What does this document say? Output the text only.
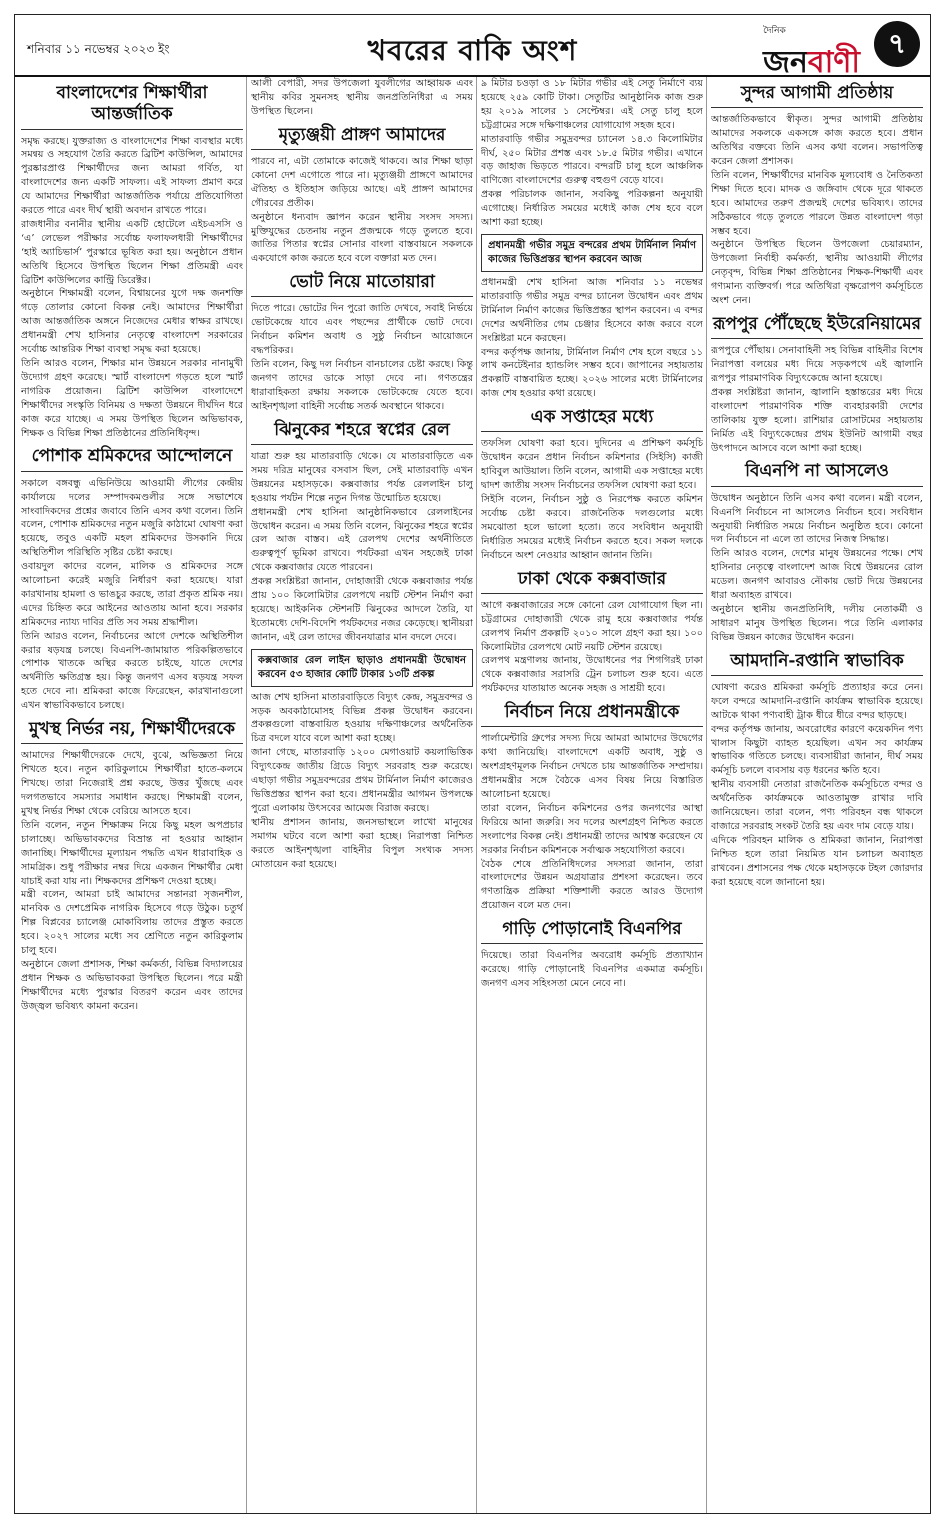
শনিবার ১১ নভেম্বর ২০২৩ ইং	খবরের বাকি অংশ
দৈনিক
জনবাণী
৭
বাংলাদেশের শিক্ষার্থীরা আন্তর্জাতিক

সমৃদ্ধ করছে। যুক্তরাজ্য ও বাংলাদেশের শিক্ষা ব্যবস্থার মধ্যে সমন্বয় ও সহযোগ তৈরি করতে ব্রিটিশ কাউন্সিল, আমাদের পুরষ্কারপ্রাপ্ত শিক্ষার্থীদের জন্য আমরা গর্বিত, যা বাংলাদেশের জন্য একটি সাফল্য। এই সাফল্য প্রমাণ করে যে আমাদের শিক্ষার্থীরা আন্তর্জাতিক পর্যায়ে প্রতিযোগিতা করতে পারে এবং দীর্ঘ স্থায়ী অবদান রাখতে পারে।

রাজধানীর বনানীর স্থানীয় একটি হোটেলে এইচএসসি ও ‘এ’ লেভেল পরীক্ষার সর্বোচ্চ ফলাফলধারী শিক্ষার্থীদের ‘হাই অ্যাচিভার্স’ পুরস্কারে ভূষিত করা হয়। অনুষ্ঠানে প্রধান অতিথি হিসেবে উপস্থিত ছিলেন শিক্ষা প্রতিমন্ত্রী এবং ব্রিটিশ কাউন্সিলের কান্ট্রি ডিরেক্টর।

অনুষ্ঠানে শিক্ষামন্ত্রী বলেন, বিশ্বায়নের যুগে দক্ষ জনশক্তি গড়ে তোলার কোনো বিকল্প নেই। আমাদের শিক্ষার্থীরা আজ আন্তর্জাতিক অঙ্গনে নিজেদের মেধার স্বাক্ষর রাখছে। প্রধানমন্ত্রী শেখ হাসিনার নেতৃত্বে বাংলাদেশ সরকারের সর্বোচ্চ আন্তরিক শিক্ষা ব্যবস্থা সমৃদ্ধ করা হয়েছে।

তিনি আরও বলেন, শিক্ষার মান উন্নয়নে সরকার নানামুখী উদ্যোগ গ্রহণ করেছে। স্মার্ট বাংলাদেশ গড়তে হলে স্মার্ট নাগরিক প্রয়োজন। ব্রিটিশ কাউন্সিল বাংলাদেশে শিক্ষার্থীদের সংস্কৃতি বিনিময় ও দক্ষতা উন্নয়নে দীর্ঘদিন ধরে কাজ করে যাচ্ছে। এ সময় উপস্থিত ছিলেন অভিভাবক, শিক্ষক ও বিভিন্ন শিক্ষা প্রতিষ্ঠানের প্রতিনিধিবৃন্দ।

পোশাক শ্রমিকদের আন্দোলনে

সকালে বঙ্গবন্ধু এভিনিউয়ে আওয়ামী লীগের কেন্দ্রীয় কার্যালয়ে দলের সম্পাদকমণ্ডলীর সঙ্গে সভাশেষে সাংবাদিকদের প্রশ্নের জবাবে তিনি এসব কথা বলেন। তিনি বলেন, পোশাক শ্রমিকদের নতুন মজুরি কাঠামো ঘোষণা করা হয়েছে, তবুও একটি মহল শ্রমিকদের উসকানি দিয়ে অস্থিতিশীল পরিস্থিতি সৃষ্টির চেষ্টা করছে।

ওবায়দুল কাদের বলেন, মালিক ও শ্রমিকদের সঙ্গে আলোচনা করেই মজুরি নির্ধারণ করা হয়েছে। যারা কারখানায় হামলা ও ভাঙচুর করছে, তারা প্রকৃত শ্রমিক নয়। এদের চিহ্নিত করে আইনের আওতায় আনা হবে। সরকার শ্রমিকদের ন্যায্য দাবির প্রতি সব সময় শ্রদ্ধাশীল।

তিনি আরও বলেন, নির্বাচনের আগে দেশকে অস্থিতিশীল করার ষড়যন্ত্র চলছে। বিএনপি-জামায়াত পরিকল্পিতভাবে পোশাক খাতকে অস্থির করতে চাইছে, যাতে দেশের অর্থনীতি ক্ষতিগ্রস্ত হয়। কিন্তু জনগণ এসব ষড়যন্ত্র সফল হতে দেবে না। শ্রমিকরা কাজে ফিরেছেন, কারখানাগুলো এখন স্বাভাবিকভাবে চলছে।

মুখস্থ নির্ভর নয়, শিক্ষার্থীদেরকে

আমাদের শিক্ষার্থীদেরকে দেখে, বুঝে, অভিজ্ঞতা নিয়ে শিখতে হবে। নতুন কারিকুলামে শিক্ষার্থীরা হাতে-কলমে শিখছে। তারা নিজেরাই প্রশ্ন করছে, উত্তর খুঁজছে এবং দলগতভাবে সমস্যার সমাধান করছে। শিক্ষামন্ত্রী বলেন, মুখস্থ নির্ভর শিক্ষা থেকে বেরিয়ে আসতে হবে।

তিনি বলেন, নতুন শিক্ষাক্রম নিয়ে কিছু মহল অপপ্রচার চালাচ্ছে। অভিভাবকদের বিভ্রান্ত না হওয়ার আহ্বান জানাচ্ছি। শিক্ষার্থীদের মূল্যায়ন পদ্ধতি এখন ধারাবাহিক ও সামগ্রিক। শুধু পরীক্ষার নম্বর দিয়ে একজন শিক্ষার্থীর মেধা যাচাই করা যায় না। শিক্ষকদের প্রশিক্ষণ দেওয়া হচ্ছে।

মন্ত্রী বলেন, আমরা চাই আমাদের সন্তানরা সৃজনশীল, মানবিক ও দেশপ্রেমিক নাগরিক হিসেবে গড়ে উঠুক। চতুর্থ শিল্প বিপ্লবের চ্যালেঞ্জ মোকাবিলায় তাদের প্রস্তুত করতে হবে। ২০২৭ সালের মধ্যে সব শ্রেণিতে নতুন কারিকুলাম চালু হবে।

অনুষ্ঠানে জেলা প্রশাসক, শিক্ষা কর্মকর্তা, বিভিন্ন বিদ্যালয়ের প্রধান শিক্ষক ও অভিভাবকরা উপস্থিত ছিলেন। পরে মন্ত্রী শিক্ষার্থীদের মধ্যে পুরস্কার বিতরণ করেন এবং তাদের উজ্জ্বল ভবিষ্যৎ কামনা করেন।

আলী বেপারী, সদর উপজেলা যুবলীগের আহ্বায়ক এবং স্থানীয় কবির সুমনসহ স্থানীয় জনপ্রতিনিধিরা এ সময় উপস্থিত ছিলেন।

মৃত্যুঞ্জয়ী প্রাঙ্গণ আমাদের

পারবে না, এটা তোমাকে কাজেই থাকবে। আর শিক্ষা ছাড়া কোনো দেশ এগোতে পারে না। মৃত্যুঞ্জয়ী প্রাঙ্গণে আমাদের ঐতিহ্য ও ইতিহাস জড়িয়ে আছে। এই প্রাঙ্গণ আমাদের গৌরবের প্রতীক।

অনুষ্ঠানে ধন্যবাদ জ্ঞাপন করেন স্থানীয় সংসদ সদস্য। মুক্তিযুদ্ধের চেতনায় নতুন প্রজন্মকে গড়ে তুলতে হবে। জাতির পিতার স্বপ্নের সোনার বাংলা বাস্তবায়নে সকলকে একযোগে কাজ করতে হবে বলে বক্তারা মত দেন।

ভোট নিয়ে মাতোয়ারা

দিতে পারে। ভোটের দিন পুরো জাতি দেখবে, সবাই নির্ভয়ে ভোটকেন্দ্রে যাবে এবং পছন্দের প্রার্থীকে ভোট দেবে। নির্বাচন কমিশন অবাধ ও সুষ্ঠু নির্বাচন আয়োজনে বদ্ধপরিকর।

তিনি বলেন, কিছু দল নির্বাচন বানচালের চেষ্টা করছে। কিন্তু জনগণ তাদের ডাকে সাড়া দেবে না। গণতন্ত্রের ধারাবাহিকতা রক্ষায় সকলকে ভোটকেন্দ্রে যেতে হবে। আইনশৃঙ্খলা বাহিনী সর্বোচ্চ সতর্ক অবস্থানে থাকবে।

ঝিনুকের শহরে স্বপ্নের রেল

যাত্রা শুরু হয় মাতারবাড়ি থেকে। যে মাতারবাড়িতে এক সময় দরিদ্র মানুষের বসবাস ছিল, সেই মাতারবাড়ি এখন উন্নয়নের মহাসড়কে। কক্সবাজার পর্যন্ত রেললাইন চালু হওয়ায় পর্যটন শিল্পে নতুন দিগন্ত উন্মোচিত হয়েছে।

প্রধানমন্ত্রী শেখ হাসিনা আনুষ্ঠানিকভাবে রেললাইনের উদ্বোধন করেন। এ সময় তিনি বলেন, ঝিনুকের শহরে স্বপ্নের রেল আজ বাস্তব। এই রেলপথ দেশের অর্থনীতিতে গুরুত্বপূর্ণ ভূমিকা রাখবে। পর্যটকরা এখন সহজেই ঢাকা থেকে কক্সবাজার যেতে পারবেন।

প্রকল্প সংশ্লিষ্টরা জানান, দোহাজারী থেকে কক্সবাজার পর্যন্ত প্রায় ১০০ কিলোমিটার রেলপথে নয়টি স্টেশন নির্মাণ করা হয়েছে। আইকনিক স্টেশনটি ঝিনুকের আদলে তৈরি, যা ইতোমধ্যে দেশি-বিদেশি পর্যটকদের নজর কেড়েছে। স্থানীয়রা জানান, এই রেল তাদের জীবনযাত্রার মান বদলে দেবে।

কক্সবাজার রেল লাইন ছাড়াও প্রধানমন্ত্রী উদ্বোধন করবেন ৫৩ হাজার কোটি টাকার ১৩টি প্রকল্প

আজ শেখ হাসিনা মাতারবাড়িতে বিদ্যুৎ কেন্দ্র, সমুদ্রবন্দর ও সড়ক অবকাঠামোসহ বিভিন্ন প্রকল্প উদ্বোধন করবেন। প্রকল্পগুলো বাস্তবায়িত হওয়ায় দক্ষিণাঞ্চলের অর্থনৈতিক চিত্র বদলে যাবে বলে আশা করা হচ্ছে।

জানা গেছে, মাতারবাড়ি ১২০০ মেগাওয়াট কয়লাভিত্তিক বিদ্যুৎকেন্দ্র জাতীয় গ্রিডে বিদ্যুৎ সরবরাহ শুরু করেছে। এছাড়া গভীর সমুদ্রবন্দরের প্রথম টার্মিনাল নির্মাণ কাজেরও ভিত্তিপ্রস্তর স্থাপন করা হবে। প্রধানমন্ত্রীর আগমন উপলক্ষে পুরো এলাকায় উৎসবের আমেজ বিরাজ করছে।

স্থানীয় প্রশাসন জানায়, জনসভাস্থলে লাখো মানুষের সমাগম ঘটবে বলে আশা করা হচ্ছে। নিরাপত্তা নিশ্চিত করতে আইনশৃঙ্খলা বাহিনীর বিপুল সংখ্যক সদস্য মোতায়েন করা হয়েছে।

৯ মিটার চওড়া ও ১৮ মিটার গভীর এই সেতু নির্মাণে ব্যয় হয়েছে ২৫৯ কোটি টাকা। সেতুটির আনুষ্ঠানিক কাজ শুরু হয় ২০১৯ সালের ১ সেপ্টেম্বর। এই সেতু চালু হলে চট্টগ্রামের সঙ্গে দক্ষিণাঞ্চলের যোগাযোগ সহজ হবে।

মাতারবাড়ি গভীর সমুদ্রবন্দর চ্যানেল ১৪.৩ কিলোমিটার দীর্ঘ, ২৫০ মিটার প্রশস্ত এবং ১৮.৫ মিটার গভীর। এখানে বড় জাহাজ ভিড়তে পারবে। বন্দরটি চালু হলে আঞ্চলিক বাণিজ্যে বাংলাদেশের গুরুত্ব বহুগুণ বেড়ে যাবে।

প্রকল্প পরিচালক জানান, সবকিছু পরিকল্পনা অনুযায়ী এগোচ্ছে। নির্ধারিত সময়ের মধ্যেই কাজ শেষ হবে বলে আশা করা হচ্ছে।

প্রধানমন্ত্রী গভীর সমুদ্র বন্দরের প্রথম টার্মিনাল নির্মাণ কাজের ভিত্তিপ্রস্তর স্থাপন করবেন আজ

প্রধানমন্ত্রী শেখ হাসিনা আজ শনিবার ১১ নভেম্বর মাতারবাড়ি গভীর সমুদ্র বন্দর চ্যানেল উদ্বোধন এবং প্রথম টার্মিনাল নির্মাণ কাজের ভিত্তিপ্রস্তর স্থাপন করবেন। এ বন্দর দেশের অর্থনীতির গেম চেঞ্জার হিসেবে কাজ করবে বলে সংশ্লিষ্টরা মনে করছেন।

বন্দর কর্তৃপক্ষ জানায়, টার্মিনাল নির্মাণ শেষ হলে বছরে ১১ লাখ কনটেইনার হ্যান্ডলিং সম্ভব হবে। জাপানের সহায়তায় প্রকল্পটি বাস্তবায়িত হচ্ছে। ২০২৬ সালের মধ্যে টার্মিনালের কাজ শেষ হওয়ার কথা রয়েছে।

এক সপ্তাহের মধ্যে

তফসিল ঘোষণা করা হবে। দুদিনের এ প্রশিক্ষণ কর্মসূচি উদ্বোধন করেন প্রধান নির্বাচন কমিশনার (সিইসি) কাজী হাবিবুল আউয়াল। তিনি বলেন, আগামী এক সপ্তাহের মধ্যে দ্বাদশ জাতীয় সংসদ নির্বাচনের তফসিল ঘোষণা করা হবে।

সিইসি বলেন, নির্বাচন সুষ্ঠু ও নিরপেক্ষ করতে কমিশন সর্বোচ্চ চেষ্টা করবে। রাজনৈতিক দলগুলোর মধ্যে সমঝোতা হলে ভালো হতো। তবে সংবিধান অনুযায়ী নির্ধারিত সময়ের মধ্যেই নির্বাচন করতে হবে। সকল দলকে নির্বাচনে অংশ নেওয়ার আহ্বান জানান তিনি।

ঢাকা থেকে কক্সবাজার

আগে কক্সবাজারের সঙ্গে কোনো রেল যোগাযোগ ছিল না। চট্টগ্রামের দোহাজারী থেকে রামু হয়ে কক্সবাজার পর্যন্ত রেলপথ নির্মাণ প্রকল্পটি ২০১০ সালে গ্রহণ করা হয়। ১০০ কিলোমিটার রেলপথে মোট নয়টি স্টেশন রয়েছে।

রেলপথ মন্ত্রণালয় জানায়, উদ্বোধনের পর শিগগিরই ঢাকা থেকে কক্সবাজার সরাসরি ট্রেন চলাচল শুরু হবে। এতে পর্যটকদের যাতায়াত অনেক সহজ ও সাশ্রয়ী হবে।

নির্বাচন নিয়ে প্রধানমন্ত্রীকে

পার্লামেন্টারি গ্রুপের সদস্য দিয়ে আমরা আমাদের উদ্বেগের কথা জানিয়েছি। বাংলাদেশে একটি অবাধ, সুষ্ঠু ও অংশগ্রহণমূলক নির্বাচন দেখতে চায় আন্তর্জাতিক সম্প্রদায়। প্রধানমন্ত্রীর সঙ্গে বৈঠকে এসব বিষয় নিয়ে বিস্তারিত আলোচনা হয়েছে।

তারা বলেন, নির্বাচন কমিশনের ওপর জনগণের আস্থা ফিরিয়ে আনা জরুরি। সব দলের অংশগ্রহণ নিশ্চিত করতে সংলাপের বিকল্প নেই। প্রধানমন্ত্রী তাদের আশ্বস্ত করেছেন যে সরকার নির্বাচন কমিশনকে সর্বাত্মক সহযোগিতা করবে।

বৈঠক শেষে প্রতিনিধিদলের সদস্যরা জানান, তারা বাংলাদেশের উন্নয়ন অগ্রযাত্রার প্রশংসা করেছেন। তবে গণতান্ত্রিক প্রক্রিয়া শক্তিশালী করতে আরও উদ্যোগ প্রয়োজন বলে মত দেন।

গাড়ি পোড়ানোই বিএনপির

দিয়েছে। তারা বিএনপির অবরোধ কর্মসূচি প্রত্যাখ্যান করেছে। গাড়ি পোড়ানোই বিএনপির একমাত্র কর্মসূচি। জনগণ এসব সহিংসতা মেনে নেবে না।

সুন্দর আগামী প্রতিষ্ঠায়

আন্তর্জাতিকভাবে স্বীকৃত। সুন্দর আগামী প্রতিষ্ঠায় আমাদের সকলকে একসঙ্গে কাজ করতে হবে। প্রধান অতিথির বক্তব্যে তিনি এসব কথা বলেন। সভাপতিত্ব করেন জেলা প্রশাসক।

তিনি বলেন, শিক্ষার্থীদের মানবিক মূল্যবোধ ও নৈতিকতা শিক্ষা দিতে হবে। মাদক ও জঙ্গিবাদ থেকে দূরে থাকতে হবে। আমাদের তরুণ প্রজন্মই দেশের ভবিষ্যৎ। তাদের সঠিকভাবে গড়ে তুলতে পারলে উন্নত বাংলাদেশ গড়া সম্ভব হবে।

অনুষ্ঠানে উপস্থিত ছিলেন উপজেলা চেয়ারম্যান, উপজেলা নির্বাহী কর্মকর্তা, স্থানীয় আওয়ামী লীগের নেতৃবৃন্দ, বিভিন্ন শিক্ষা প্রতিষ্ঠানের শিক্ষক-শিক্ষার্থী এবং গণ্যমান্য ব্যক্তিবর্গ। পরে অতিথিরা বৃক্ষরোপণ কর্মসূচিতে অংশ নেন।

রূপপুর পৌঁছেছে ইউরেনিয়ামের

রূপপুরে পৌঁছায়। সেনাবাহিনী সহ বিভিন্ন বাহিনীর বিশেষ নিরাপত্তা বলয়ের মধ্য দিয়ে সড়কপথে এই জ্বালানি রূপপুর পারমাণবিক বিদ্যুৎকেন্দ্রে আনা হয়েছে।

প্রকল্প সংশ্লিষ্টরা জানান, জ্বালানি হস্তান্তরের মধ্য দিয়ে বাংলাদেশ পারমাণবিক শক্তি ব্যবহারকারী দেশের তালিকায় যুক্ত হলো। রাশিয়ার রোসাটমের সহায়তায় নির্মিত এই বিদ্যুৎকেন্দ্রের প্রথম ইউনিট আগামী বছর উৎপাদনে আসবে বলে আশা করা হচ্ছে।

বিএনপি না আসলেও

উদ্বোধন অনুষ্ঠানে তিনি এসব কথা বলেন। মন্ত্রী বলেন, বিএনপি নির্বাচনে না আসলেও নির্বাচন হবে। সংবিধান অনুযায়ী নির্ধারিত সময়ে নির্বাচন অনুষ্ঠিত হবে। কোনো দল নির্বাচনে না এলে তা তাদের নিজস্ব সিদ্ধান্ত।

তিনি আরও বলেন, দেশের মানুষ উন্নয়নের পক্ষে। শেখ হাসিনার নেতৃত্বে বাংলাদেশ আজ বিশ্বে উন্নয়নের রোল মডেল। জনগণ আবারও নৌকায় ভোট দিয়ে উন্নয়নের ধারা অব্যাহত রাখবে।

অনুষ্ঠানে স্থানীয় জনপ্রতিনিধি, দলীয় নেতাকর্মী ও সাধারণ মানুষ উপস্থিত ছিলেন। পরে তিনি এলাকার বিভিন্ন উন্নয়ন কাজের উদ্বোধন করেন।

আমদানি-রপ্তানি স্বাভাবিক

ঘোষণা করেও শ্রমিকরা কর্মসূচি প্রত্যাহার করে নেন। ফলে বন্দরে আমদানি-রপ্তানি কার্যক্রম স্বাভাবিক হয়েছে। আটকে থাকা পণ্যবাহী ট্রাক ধীরে ধীরে বন্দর ছাড়ছে।

বন্দর কর্তৃপক্ষ জানায়, অবরোধের কারণে কয়েকদিন পণ্য খালাস কিছুটা ব্যাহত হয়েছিল। এখন সব কার্যক্রম স্বাভাবিক গতিতে চলছে। ব্যবসায়ীরা জানান, দীর্ঘ সময় কর্মসূচি চললে ব্যবসায় বড় ধরনের ক্ষতি হবে।

স্থানীয় ব্যবসায়ী নেতারা রাজনৈতিক কর্মসূচিতে বন্দর ও অর্থনৈতিক কার্যক্রমকে আওতামুক্ত রাখার দাবি জানিয়েছেন। তারা বলেন, পণ্য পরিবহন বন্ধ থাকলে বাজারে সরবরাহ সংকট তৈরি হয় এবং দাম বেড়ে যায়।

এদিকে পরিবহন মালিক ও শ্রমিকরা জানান, নিরাপত্তা নিশ্চিত হলে তারা নিয়মিত যান চলাচল অব্যাহত রাখবেন। প্রশাসনের পক্ষ থেকে মহাসড়কে টহল জোরদার করা হয়েছে বলে জানানো হয়।
